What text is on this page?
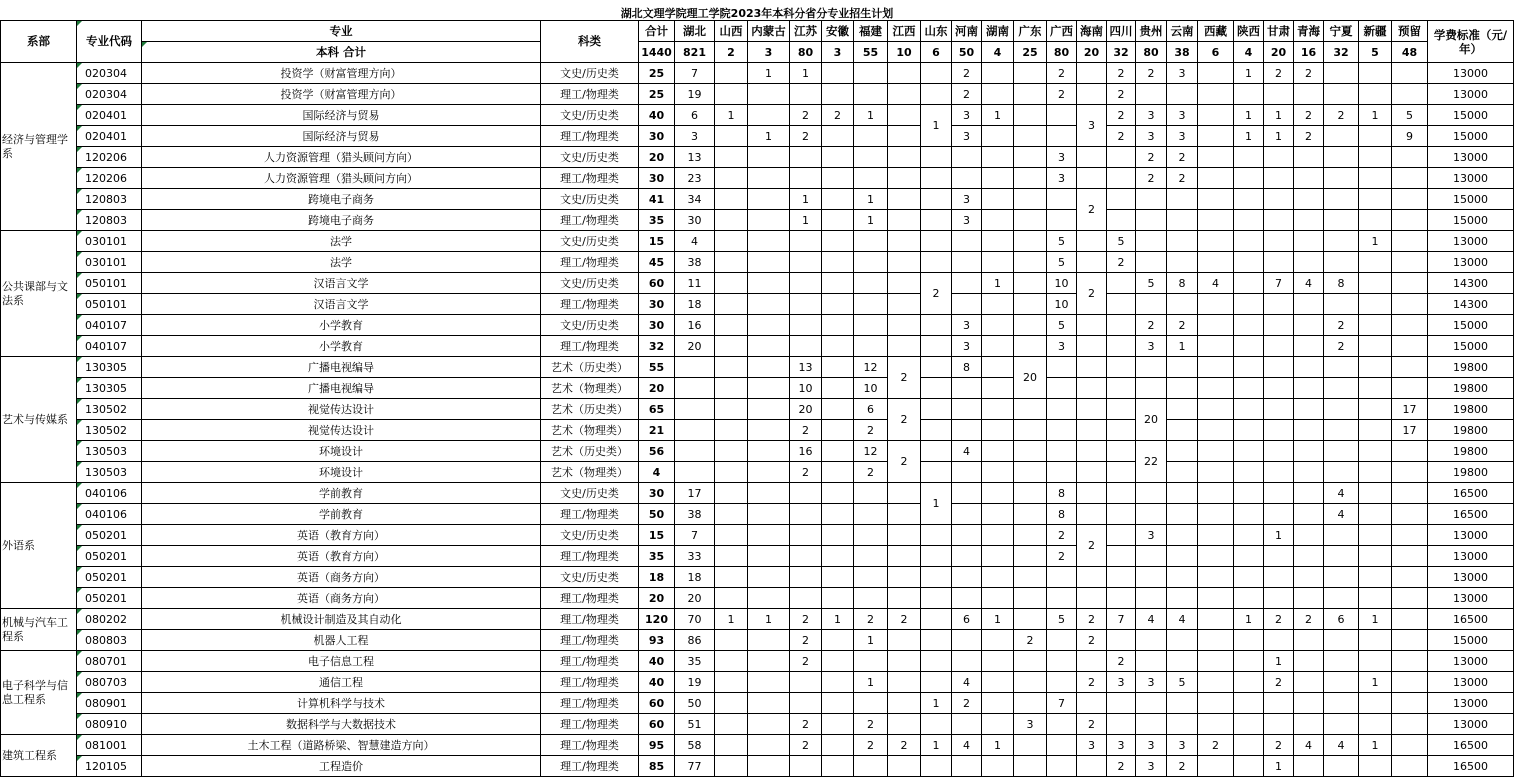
湖北文理学院理工学院2023年本科分省分专业招生计划																												
系部	专业代码	专业	科类	合计	湖北	山西	内蒙古	江苏	安徽	福建	江西	山东	河南	湖南	广东	广西	海南	四川	贵州	云南	西藏	陕西	甘肃	青海	宁夏	新疆	预留	学费标准（元/年）
		本科 合计		1440	821	2	3	80	3	55	10	6	50	4	25	80	20	32	80	38	6	4	20	16	32	5	48	
经济与管理学系	020304	投资学（财富管理方向）	文史/历史类	25	7		1	1					2			2		2	2	3		1	2	2				13000
	020304	投资学（财富管理方向）	理工/物理类	25	19								2			2		2										13000
	020401	国际经济与贸易	文史/历史类	40	6	1		2	2	1		1	3	1			3	2	3	3		1	1	2	2	1	5	15000
	020401	国际经济与贸易	理工/物理类	30	3		1	2					3					2	3	3		1	1	2			9	15000
	120206	人力资源管理（猎头顾问方向）	文史/历史类	20	13											3			2	2								13000
	120206	人力资源管理（猎头顾问方向）	理工/物理类	30	23											3			2	2								13000
	120803	跨境电子商务	文史/历史类	41	34			1		1			3				2											15000
	120803	跨境电子商务	理工/物理类	35	30			1		1			3															15000
公共课部与文法系	030101	法学	文史/历史类	15	4											5		5								1		13000
	030101	法学	理工/物理类	45	38											5		2										13000
	050101	汉语言文学	文史/历史类	60	11							2		1		10	2		5	8	4		7	4	8			14300
	050101	汉语言文学	理工/物理类	30	18											10												14300
	040107	小学教育	文史/历史类	30	16								3			5			2	2					2			15000
	040107	小学教育	理工/物理类	32	20								3			3			3	1					2			15000
艺术与传媒系	130305	广播电视编导	艺术（历史类）	55				13		12	2		8		20													19800
	130305	广播电视编导	艺术（物理类）	20				10		10																		19800
	130502	视觉传达设计	艺术（历史类）	65				20		6	2								20								17	19800
	130502	视觉传达设计	艺术（物理类）	21				2		2																	17	19800
	130503	环境设计	艺术（历史类）	56				16		12	2		4						22									19800
	130503	环境设计	艺术（物理类）	4				2		2																		19800
外语系	040106	学前教育	文史/历史类	30	17							1				8									4			16500
	040106	学前教育	理工/物理类	50	38											8									4			16500
	050201	英语（教育方向）	文史/历史类	15	7											2	2		3				1					13000
	050201	英语（教育方向）	理工/物理类	35	33											2												13000
	050201	英语（商务方向）	文史/历史类	18	18																							13000
	050201	英语（商务方向）	理工/物理类	20	20																							13000
机械与汽车工程系	080202	机械设计制造及其自动化	理工/物理类	120	70	1	1	2	1	2	2		6	1		5	2	7	4	4		1	2	2	6	1		16500
	080803	机器人工程	理工/物理类	93	86			2		1					2		2											15000
电子科学与信息工程系	080701	电子信息工程	理工/物理类	40	35			2										2					1					13000
	080703	通信工程	理工/物理类	40	19					1			4				2	3	3	5			2			1		13000
	080901	计算机科学与技术	理工/物理类	60	50							1	2			7												13000
	080910	数据科学与大数据技术	理工/物理类	60	51			2		2					3		2											13000
建筑工程系	081001	土木工程（道路桥梁、智慧建造方向）	理工/物理类	95	58			2		2	2	1	4	1			3	3	3	3	2		2	4	4	1		16500
	120105	工程造价	理工/物理类	85	77													2	3	2			1					16500
